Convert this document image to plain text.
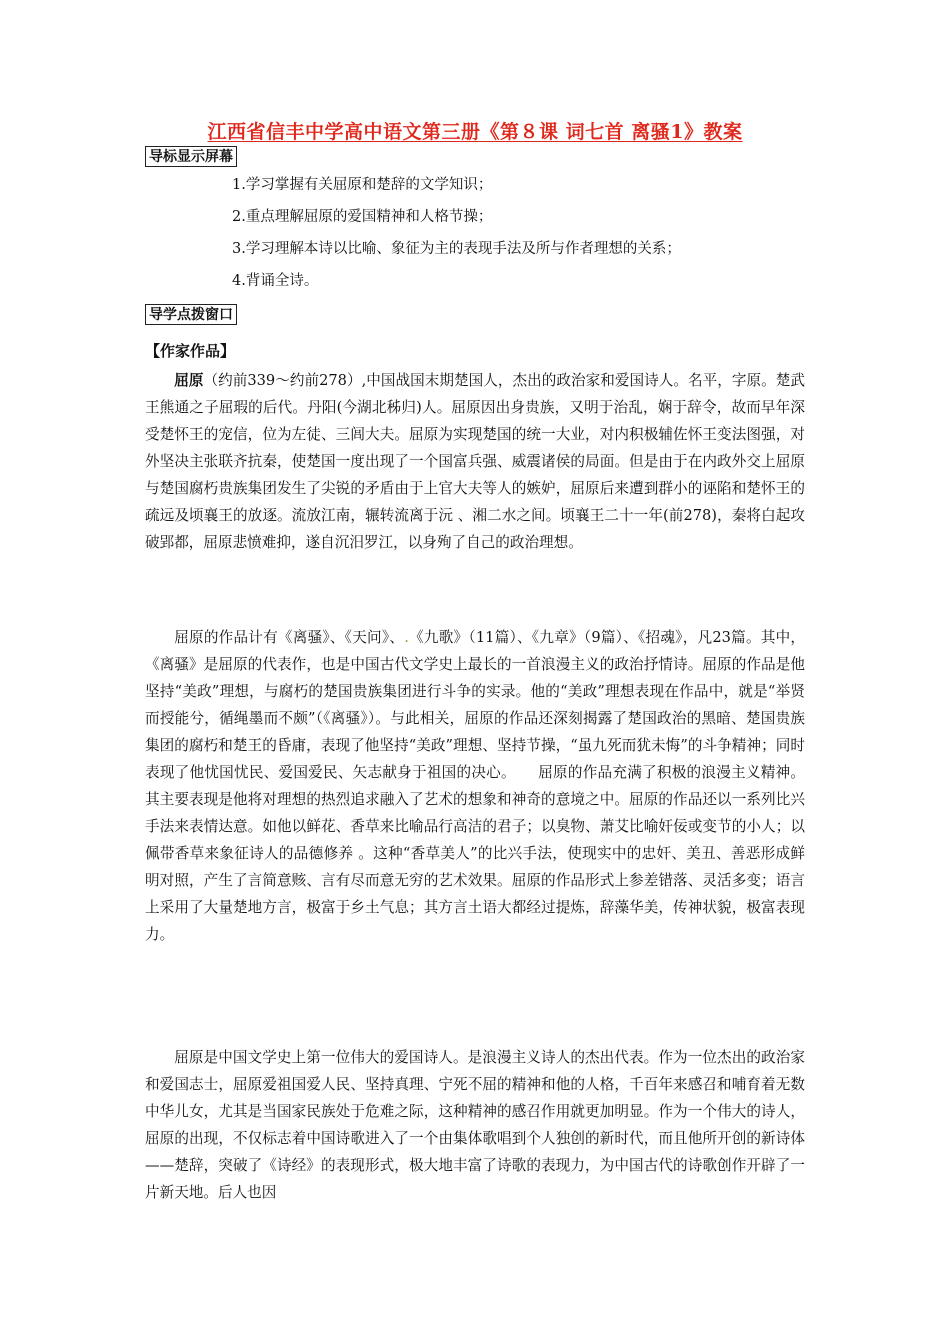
江西省信丰中学高中语文第三册《第８课 词七首 离骚1》教案
导标显示屏幕
1.学习掌握有关屈原和楚辞的文学知识；
2.重点理解屈原的爱国精神和人格节操；
3.学习理解本诗以比喻、象征为主的表现手法及所与作者理想的关系；
4.背诵全诗。
导学点拨窗口
【作家作品】

屈原（约前339～约前278）,中国战国末期楚国人，杰出的政治家和爱国诗人。名平，字原。楚武王熊通之子屈瑕的后代。丹阳(今湖北秭归)人。屈原因出身贵族，又明于治乱，娴于辞令，故而早年深受楚怀王的宠信，位为左徒、三闾大夫。屈原为实现楚国的统一大业，对内积极辅佐怀王变法图强，对外坚决主张联齐抗秦，使楚国一度出现了一个国富兵强、威震诸侯的局面。但是由于在内政外交上屈原与楚国腐朽贵族集团发生了尖锐的矛盾由于上官大夫等人的嫉妒，屈原后来遭到群小的诬陷和楚怀王的疏远及顷襄王的放逐。流放江南，辗转流离于沅 、湘二水之间。顷襄王二十一年(前278)，秦将白起攻破郢都，屈原悲愤难抑，遂自沉汨罗江，以身殉了自己的政治理想。

屈原的作品计有《离骚》、《天问》、.《九歌》（11篇）、《九章》（9篇）、《招魂》，凡23篇。其中，《离骚》是屈原的代表作，也是中国古代文学史上最长的一首浪漫主义的政治抒情诗。屈原的作品是他坚持“美政”理想，与腐朽的楚国贵族集团进行斗争的实录。他的“美政”理想表现在作品中，就是“举贤而授能兮，循绳墨而不颇”（《离骚》）。与此相关，屈原的作品还深刻揭露了楚国政治的黑暗、楚国贵族集团的腐朽和楚王的昏庸，表现了他坚持“美政”理想、坚持节操，“虽九死而犹未悔”的斗争精神；同时表现了他忧国忧民、爱国爱民、矢志献身于祖国的决心。　　屈原的作品充满了积极的浪漫主义精神。其主要表现是他将对理想的热烈追求融入了艺术的想象和神奇的意境之中。屈原的作品还以一系列比兴手法来表情达意。如他以鲜花、香草来比喻品行高洁的君子；以臭物、萧艾比喻奸佞或变节的小人；以佩带香草来象征诗人的品德修养 。这种“香草美人”的比兴手法，使现实中的忠奸、美丑、善恶形成鲜明对照，产生了言简意赅、言有尽而意无穷的艺术效果。屈原的作品形式上参差错落、灵活多变；语言上采用了大量楚地方言，极富于乡土气息；其方言土语大都经过提炼，辞藻华美，传神状貌，极富表现力。

屈原是中国文学史上第一位伟大的爱国诗人。是浪漫主义诗人的杰出代表。作为一位杰出的政治家和爱国志士，屈原爱祖国爱人民、坚持真理、宁死不屈的精神和他的人格，千百年来感召和哺育着无数中华儿女，尤其是当国家民族处于危难之际，这种精神的感召作用就更加明显。作为一个伟大的诗人，屈原的出现，不仅标志着中国诗歌进入了一个由集体歌唱到个人独创的新时代，而且他所开创的新诗体——楚辞，突破了《诗经》的表现形式，极大地丰富了诗歌的表现力，为中国古代的诗歌创作开辟了一片新天地。后人也因
